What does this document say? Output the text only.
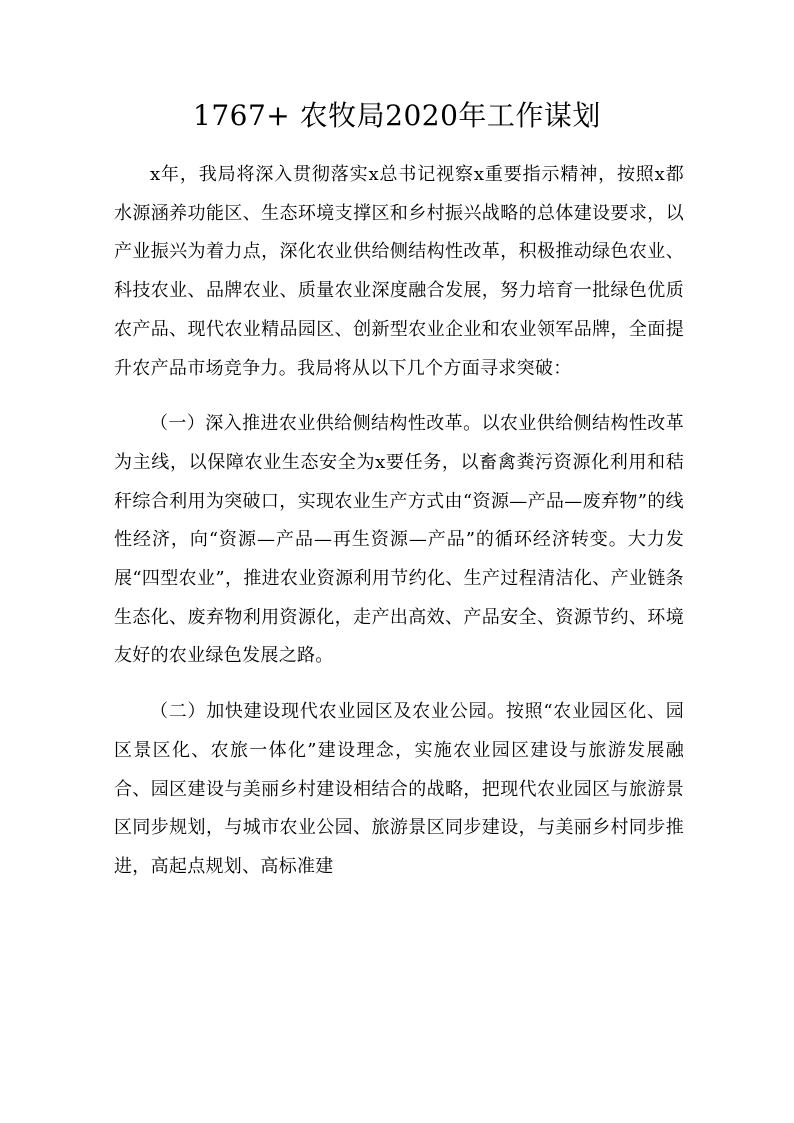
1767+ 农牧局2020年工作谋划

x年，我局将深入贯彻落实x总书记视察x重要指示精神，按照x都水源涵养功能区、生态环境支撑区和乡村振兴战略的总体建设要求，以产业振兴为着力点，深化农业供给侧结构性改革，积极推动绿色农业、科技农业、品牌农业、质量农业深度融合发展，努力培育一批绿色优质农产品、现代农业精品园区、创新型农业企业和农业领军品牌，全面提升农产品市场竞争力。我局将从以下几个方面寻求突破：

（一）深入推进农业供给侧结构性改革。以农业供给侧结构性改革为主线，以保障农业生态安全为x要任务，以畜禽粪污资源化利用和秸秆综合利用为突破口，实现农业生产方式由“资源—产品—废弃物”的线性经济，向“资源—产品—再生资源—产品”的循环经济转变。大力发展“四型农业”，推进农业资源利用节约化、生产过程清洁化、产业链条生态化、废弃物利用资源化，走产出高效、产品安全、资源节约、环境友好的农业绿色发展之路。

（二）加快建设现代农业园区及农业公园。按照“农业园区化、园区景区化、农旅一体化”建设理念，实施农业园区建设与旅游发展融合、园区建设与美丽乡村建设相结合的战略，把现代农业园区与旅游景区同步规划，与城市农业公园、旅游景区同步建设，与美丽乡村同步推进，高起点规划、高标准建
